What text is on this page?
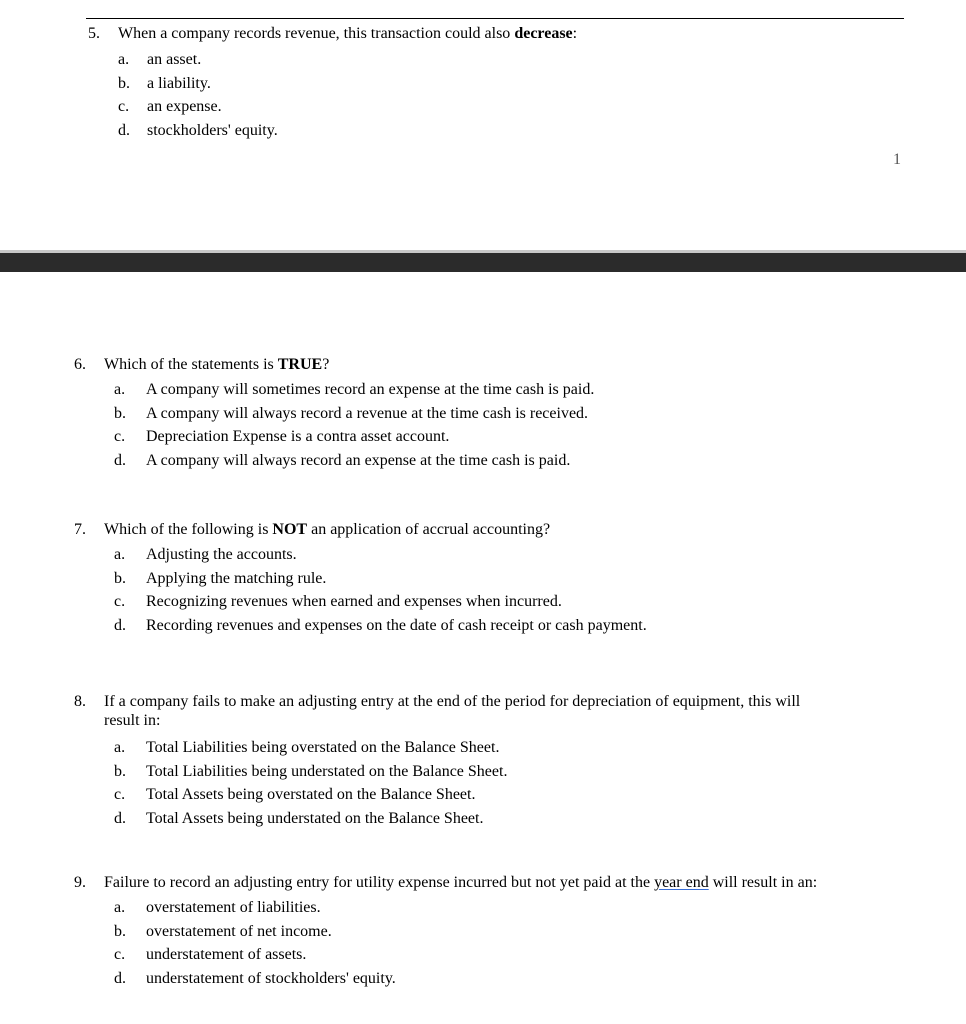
5. When a company records revenue, this transaction could also decrease:
a. an asset.
b. a liability.
c. an expense.
d. stockholders' equity.
1
6. Which of the statements is TRUE?
a. A company will sometimes record an expense at the time cash is paid.
b. A company will always record a revenue at the time cash is received.
c. Depreciation Expense is a contra asset account.
d. A company will always record an expense at the time cash is paid.
7. Which of the following is NOT an application of accrual accounting?
a. Adjusting the accounts.
b. Applying the matching rule.
c. Recognizing revenues when earned and expenses when incurred.
d. Recording revenues and expenses on the date of cash receipt or cash payment.
8. If a company fails to make an adjusting entry at the end of the period for depreciation of equipment, this will
result in:
a. Total Liabilities being overstated on the Balance Sheet.
b. Total Liabilities being understated on the Balance Sheet.
c. Total Assets being overstated on the Balance Sheet.
d. Total Assets being understated on the Balance Sheet.
9. Failure to record an adjusting entry for utility expense incurred but not yet paid at the year end will result in an:
a. overstatement of liabilities.
b. overstatement of net income.
c. understatement of assets.
d. understatement of stockholders' equity.
